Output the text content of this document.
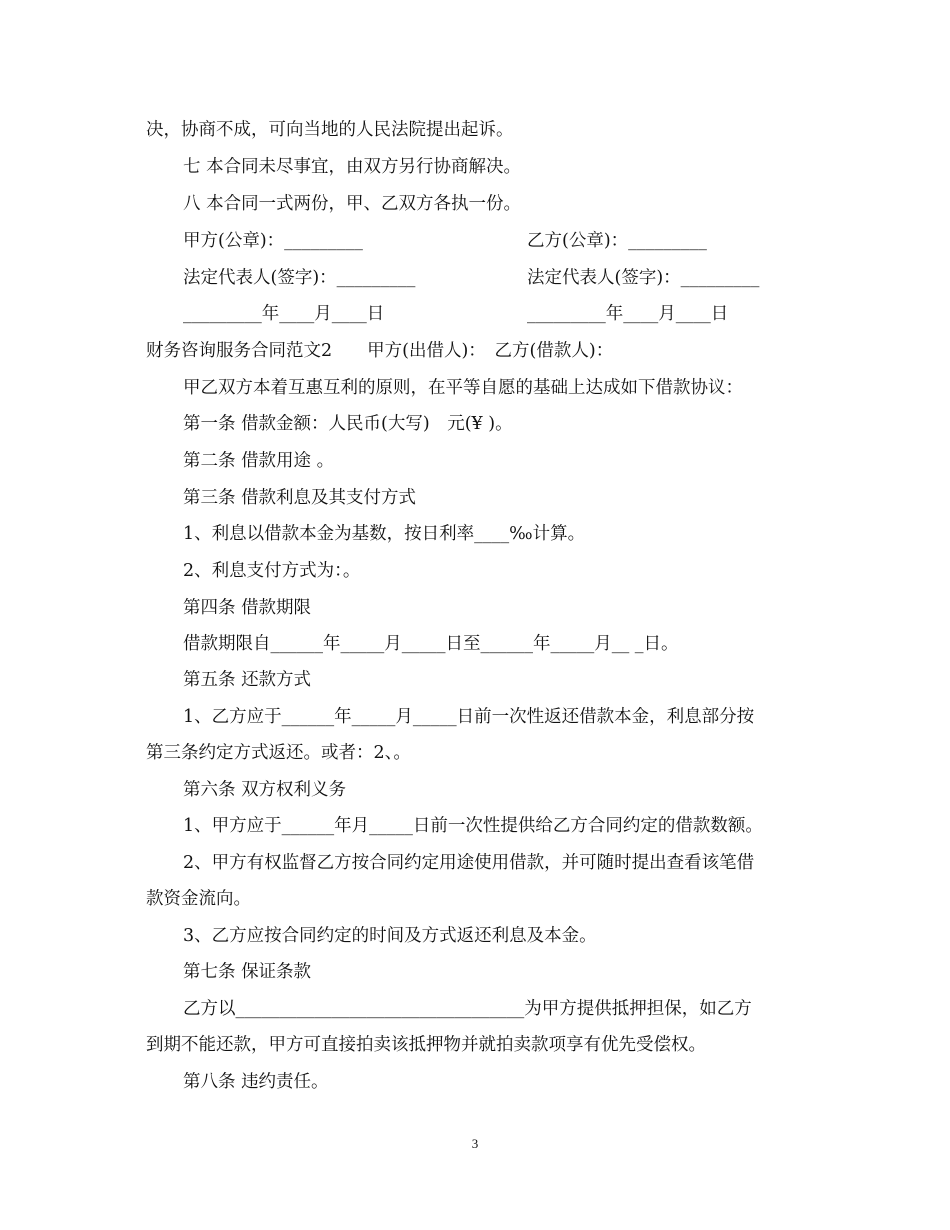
决，协商不成，可向当地的人民法院提出起诉。
七 本合同未尽事宜，由双方另行协商解决。
八 本合同一式两份，甲、乙双方各执一份。
甲方(公章)：_________	乙方(公章)：_________
法定代表人(签字)：_________	法定代表人(签字)：_________
_________年____月____日	_________年____月____日
财务咨询服务合同范文2　　甲方(出借人)：　乙方(借款人)：
甲乙双方本着互惠互利的原则，在平等自愿的基础上达成如下借款协议：
第一条 借款金额：人民币(大写)　元(¥ )。
第二条 借款用途 。
第三条 借款利息及其支付方式
1、利息以借款本金为基数，按日利率____‰计算。
2、利息支付方式为：。
第四条 借款期限
借款期限自______年_____月_____日至______年_____月__ _日。
第五条 还款方式
1、乙方应于______年_____月_____日前一次性返还借款本金，利息部分按
第三条约定方式返还。或者：2、。
第六条 双方权利义务
1、甲方应于______年月_____日前一次性提供给乙方合同约定的借款数额。
2、甲方有权监督乙方按合同约定用途使用借款，并可随时提出查看该笔借
款资金流向。
3、乙方应按合同约定的时间及方式返还利息及本金。
第七条 保证条款
乙方以_________________________________为甲方提供抵押担保，如乙方
到期不能还款，甲方可直接拍卖该抵押物并就拍卖款项享有优先受偿权。
第八条 违约责任。
3
